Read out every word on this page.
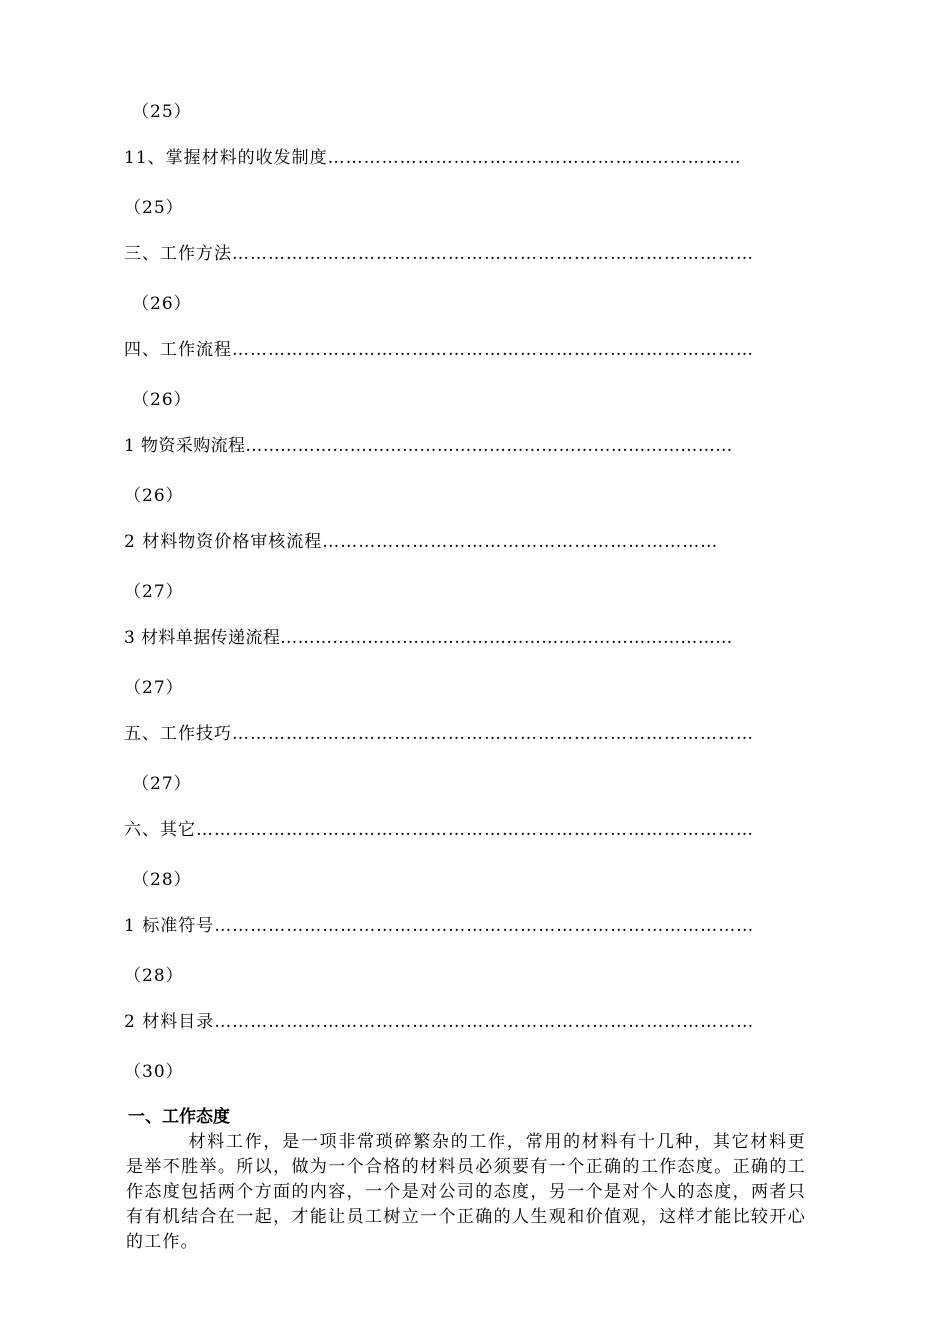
（25）
11、掌握材料的收发制度……………………………………………………………
（25）
三、工作方法……………………………………………………………………………
（26）
四、工作流程……………………………………………………………………………
（26）
1 物资采购流程…………………………………………………………………………
（26）
2 材料物资价格审核流程…………………………………………………………
（27）
3 材料单据传递流程……………………………………………………………………
（27）
五、工作技巧……………………………………………………………………………
（27）
六、其它…………………………………………………………………………………
（28）
1 标准符号………………………………………………………………………………
（28）
2 材料目录………………………………………………………………………………
（30）
一、工作态度
材料工作，是一项非常琐碎繁杂的工作，常用的材料有十几种，其它材料更是举不胜举。所以，做为一个合格的材料员必须要有一个正确的工作态度。正确的工作态度包括两个方面的内容，一个是对公司的态度，另一个是对个人的态度，两者只有有机结合在一起，才能让员工树立一个正确的人生观和价值观，这样才能比较开心的工作。
